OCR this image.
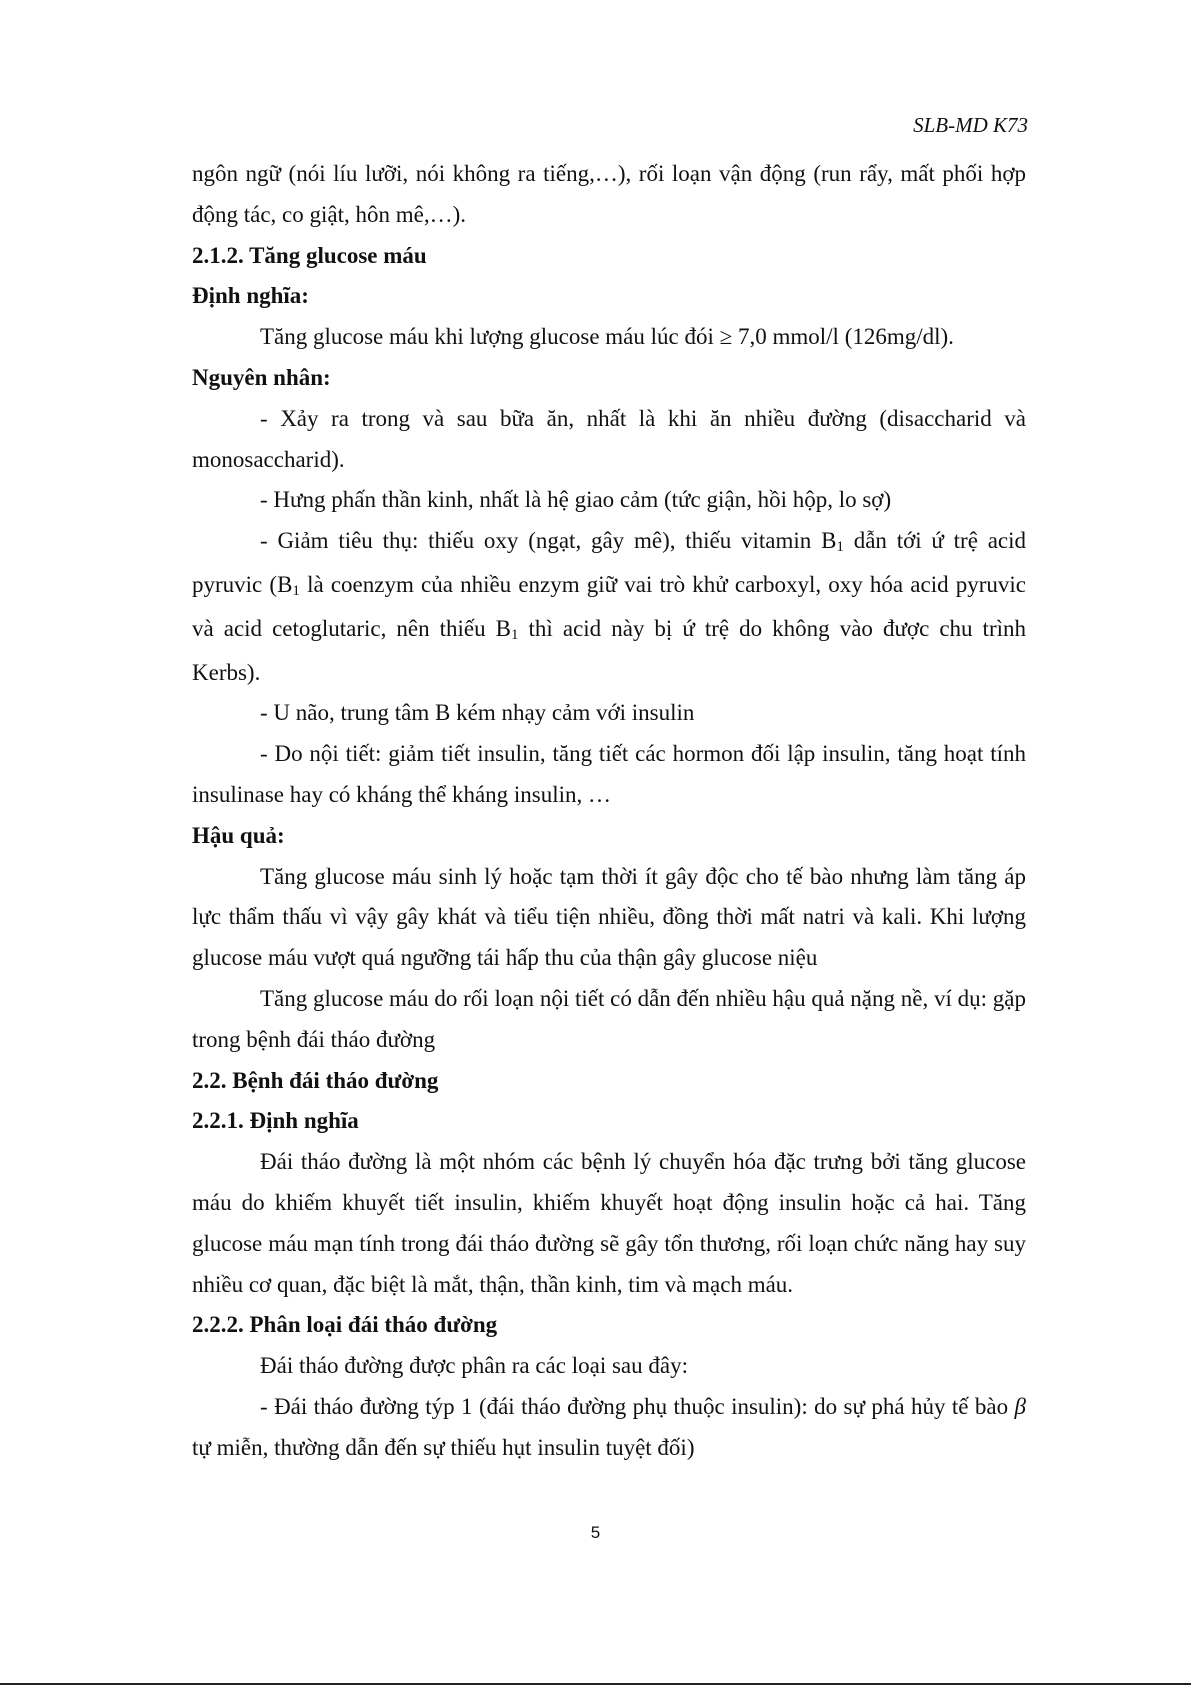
SLB-MD K73

ngôn ngữ (nói líu lưỡi, nói không ra tiếng,…), rối loạn vận động (run rẩy, mất phối hợp động tác, co giật, hôn mê,…).

2.1.2. Tăng glucose máu
Định nghĩa:

Tăng glucose máu khi lượng glucose máu lúc đói ≥ 7,0 mmol/l (126mg/dl).

Nguyên nhân:

- Xảy ra trong và sau bữa ăn, nhất là khi ăn nhiều đường (disaccharid và monosaccharid).

- Hưng phấn thần kinh, nhất là hệ giao cảm (tức giận, hồi hộp, lo sợ)

- Giảm tiêu thụ: thiếu oxy (ngạt, gây mê), thiếu vitamin $B_1$ dẫn tới ứ trệ acid pyruvic ($B_1$ là coenzym của nhiều enzym giữ vai trò khử carboxyl, oxy hóa acid pyruvic và acid cetoglutaric, nên thiếu $B_1$ thì acid này bị ứ trệ do không vào được chu trình Kerbs).

- U não, trung tâm B kém nhạy cảm với insulin

- Do nội tiết: giảm tiết insulin, tăng tiết các hormon đối lập insulin, tăng hoạt tính insulinase hay có kháng thể kháng insulin, …

Hậu quả:

Tăng glucose máu sinh lý hoặc tạm thời ít gây độc cho tế bào nhưng làm tăng áp lực thẩm thấu vì vậy gây khát và tiểu tiện nhiều, đồng thời mất natri và kali. Khi lượng glucose máu vượt quá ngưỡng tái hấp thu của thận gây glucose niệu

Tăng glucose máu do rối loạn nội tiết có dẫn đến nhiều hậu quả nặng nề, ví dụ: gặp trong bệnh đái tháo đường

2.2. Bệnh đái tháo đường
2.2.1. Định nghĩa

Đái tháo đường là một nhóm các bệnh lý chuyển hóa đặc trưng bởi tăng glucose máu do khiếm khuyết tiết insulin, khiếm khuyết hoạt động insulin hoặc cả hai. Tăng glucose máu mạn tính trong đái tháo đường sẽ gây tổn thương, rối loạn chức năng hay suy nhiều cơ quan, đặc biệt là mắt, thận, thần kinh, tim và mạch máu.

2.2.2. Phân loại đái tháo đường

Đái tháo đường được phân ra các loại sau đây:

- Đái tháo đường týp 1 (đái tháo đường phụ thuộc insulin): do sự phá hủy tế bào β tự miễn, thường dẫn đến sự thiếu hụt insulin tuyệt đối)

5
